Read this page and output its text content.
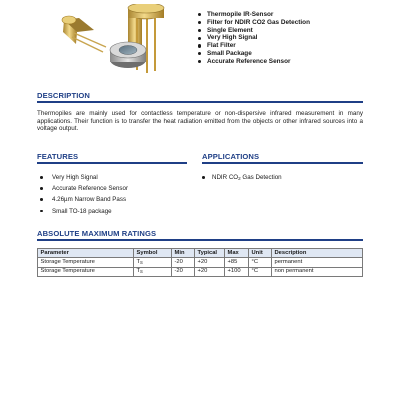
Thermopile IR-Sensor
Filter for NDIR CO2 Gas Detection
Single Element
Very High Signal
Flat Filter
Small Package
Accurate Reference Sensor
DESCRIPTION

Thermopiles are mainly used for contactless temperature or non-dispersive infrared measurement in many applications. Their function is to transfer the heat radiation emitted from the objects or other infrared sources into a voltage output.

FEATURES
Very High Signal
Accurate Reference Sensor
4.26µm Narrow Band Pass
Small TO-18 package
APPLICATIONS
NDIR $CO_2$ Gas Detection
ABSOLUTE MAXIMUM RATINGS
Parameter	Symbol	Min	Typical	Max	Unit	Description
Storage Temperature	$T_S$	-20	+20	+85	°C	permanent
Storage Temperature	$T_S$	-20	+20	+100	°C	non permanent
